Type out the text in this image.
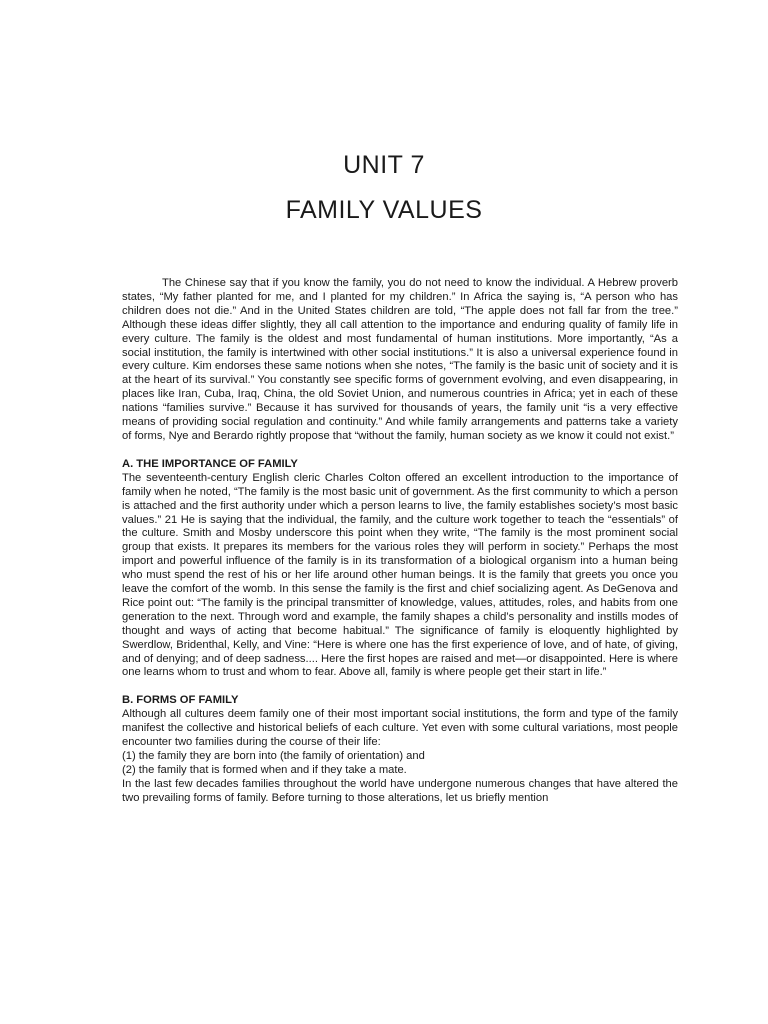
UNIT 7
FAMILY VALUES

The Chinese say that if you know the family, you do not need to know the individual. A Hebrew proverb states, “My father planted for me, and I planted for my children.” In Africa the saying is, “A person who has children does not die.” And in the United States children are told, “The apple does not fall far from the tree.” Although these ideas differ slightly, they all call attention to the importance and enduring quality of family life in every culture. The family is the oldest and most fundamental of human institutions. More importantly, “As a social institution, the family is intertwined with other social institutions.” It is also a universal experience found in every culture. Kim endorses these same notions when she notes, “The family is the basic unit of society and it is at the heart of its survival.” You constantly see specific forms of government evolving, and even disappearing, in places like Iran, Cuba, Iraq, China, the old Soviet Union, and numerous countries in Africa; yet in each of these nations “families survive.” Because it has survived for thousands of years, the family unit “is a very effective means of providing social regulation and continuity.” And while family arrangements and patterns take a variety of forms, Nye and Berardo rightly propose that “without the family, human society as we know it could not exist.”

A. THE IMPORTANCE OF FAMILY

The seventeenth-century English cleric Charles Colton offered an excellent introduction to the importance of family when he noted, “The family is the most basic unit of government. As the first community to which a person is attached and the first authority under which a person learns to live, the family establishes society’s most basic values.” 21 He is saying that the individual, the family, and the culture work together to teach the “essentials” of the culture. Smith and Mosby underscore this point when they write, “The family is the most prominent social group that exists. It prepares its members for the various roles they will perform in society.” Perhaps the most import and powerful influence of the family is in its transformation of a biological organism into a human being who must spend the rest of his or her life around other human beings. It is the family that greets you once you leave the comfort of the womb. In this sense the family is the first and chief socializing agent. As DeGenova and Rice point out: “The family is the principal transmitter of knowledge, values, attitudes, roles, and habits from one generation to the next. Through word and example, the family shapes a child’s personality and instills modes of thought and ways of acting that become habitual.” The significance of family is eloquently highlighted by Swerdlow, Bridenthal, Kelly, and Vine: “Here is where one has the first experience of love, and of hate, of giving, and of denying; and of deep sadness.... Here the first hopes are raised and met—or disappointed. Here is where one learns whom to trust and whom to fear. Above all, family is where people get their start in life.”

B. FORMS OF FAMILY

Although all cultures deem family one of their most important social institutions, the form and type of the family manifest the collective and historical beliefs of each culture. Yet even with some cultural variations, most people encounter two families during the course of their life:

(1) the family they are born into (the family of orientation) and

(2) the family that is formed when and if they take a mate.

In the last few decades families throughout the world have undergone numerous changes that have altered the two prevailing forms of family. Before turning to those alterations, let us briefly mention
